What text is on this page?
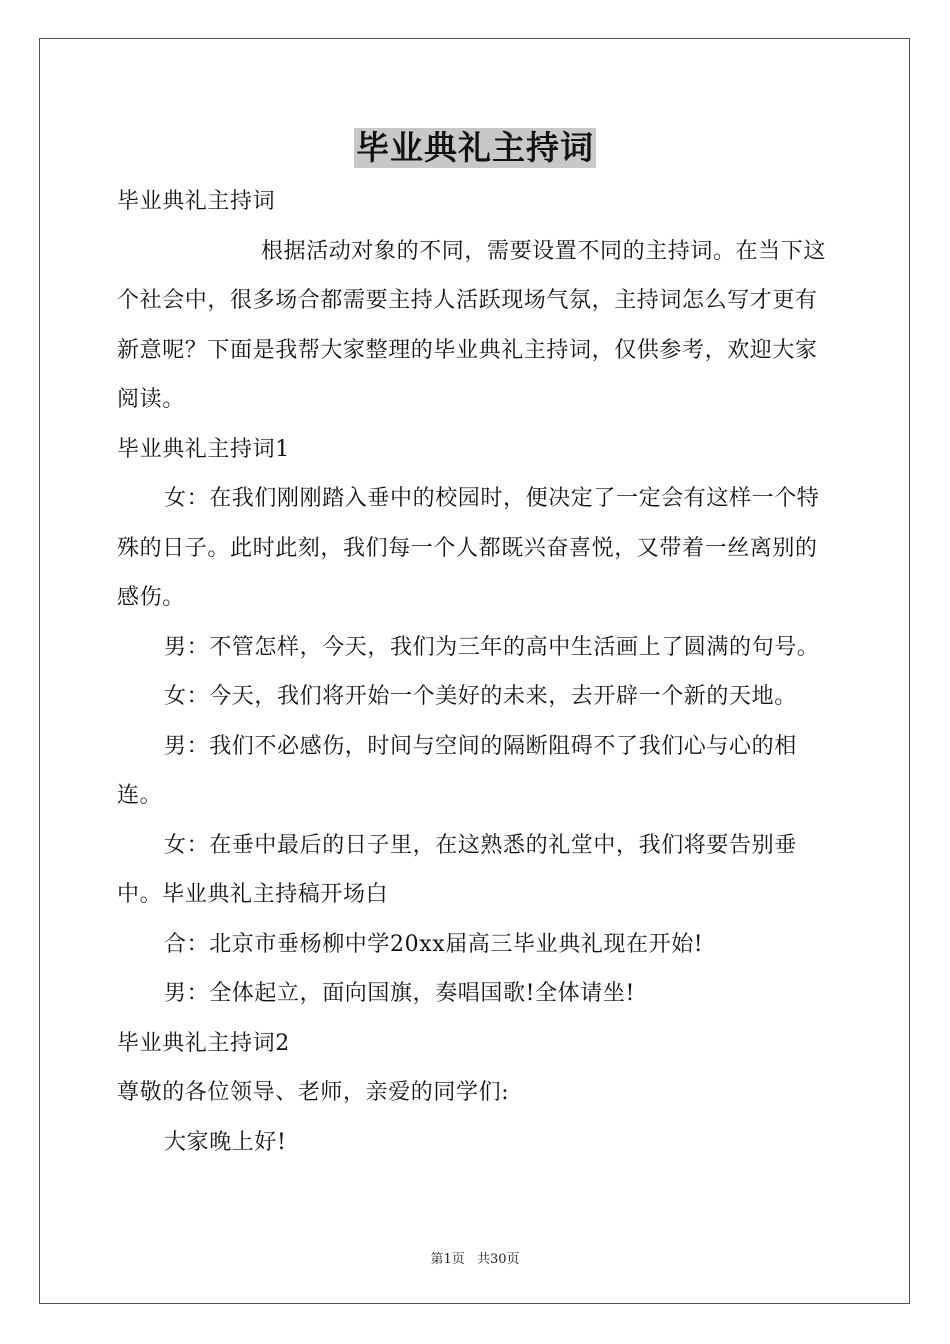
毕业典礼主持词

毕业典礼主持词

根据活动对象的不同，需要设置不同的主持词。在当下这个社会中，很多场合都需要主持人活跃现场气氛，主持词怎么写才更有新意呢？下面是我帮大家整理的毕业典礼主持词，仅供参考，欢迎大家阅读。

毕业典礼主持词1

女：在我们刚刚踏入垂中的校园时，便决定了一定会有这样一个特殊的日子。此时此刻，我们每一个人都既兴奋喜悦，又带着一丝离别的感伤。

男：不管怎样，今天，我们为三年的高中生活画上了圆满的句号。

女：今天，我们将开始一个美好的未来，去开辟一个新的天地。

男：我们不必感伤，时间与空间的隔断阻碍不了我们心与心的相连。

女：在垂中最后的日子里，在这熟悉的礼堂中，我们将要告别垂中。毕业典礼主持稿开场白

合：北京市垂杨柳中学20xx届高三毕业典礼现在开始!

男：全体起立，面向国旗，奏唱国歌!全体请坐!

毕业典礼主持词2

尊敬的各位领导、老师，亲爱的同学们:

大家晚上好!

第1页 共30页
